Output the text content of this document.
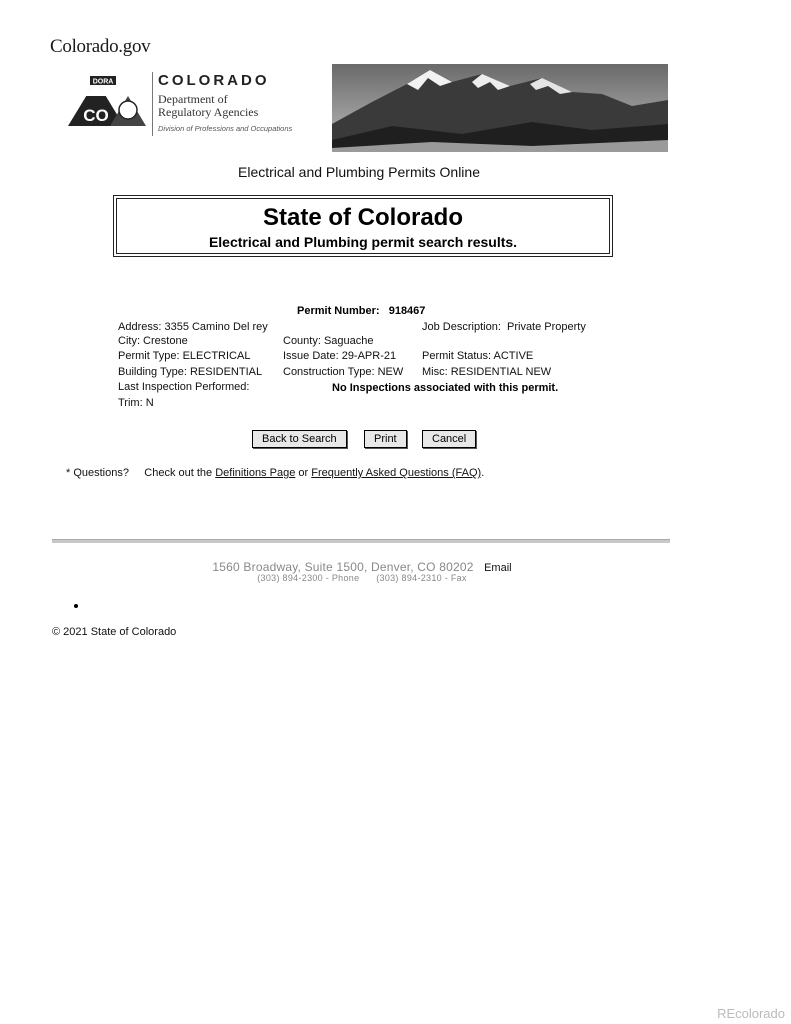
Colorado.gov
DORA
CO
COLORADO
Department of
Regulatory Agencies
Division of Professions and Occupations
Electrical and Plumbing Permits Online
State of Colorado
Electrical and Plumbing permit search results.
Permit Number: 918467
Address: 3355 Camino Del rey	Job Description: Private Property
City: Crestone	County: Saguache
Permit Type: ELECTRICAL	Issue Date: 29-APR-21 Permit Status: ACTIVE
Building Type: RESIDENTIAL Construction Type: NEW Misc: RESIDENTIAL NEW
Last Inspection Performed:	No Inspections associated with this permit.
Trim: N
Back to Search	Print	Cancel
* Questions? Check out the Definitions Page or Frequently Asked Questions (FAQ).
1560 Broadway, Suite 1500, Denver, CO 80202 Email
(303) 894-2300 - Phone (303) 894-2310 - Fax
© 2021 State of Colorado
REcolorado
